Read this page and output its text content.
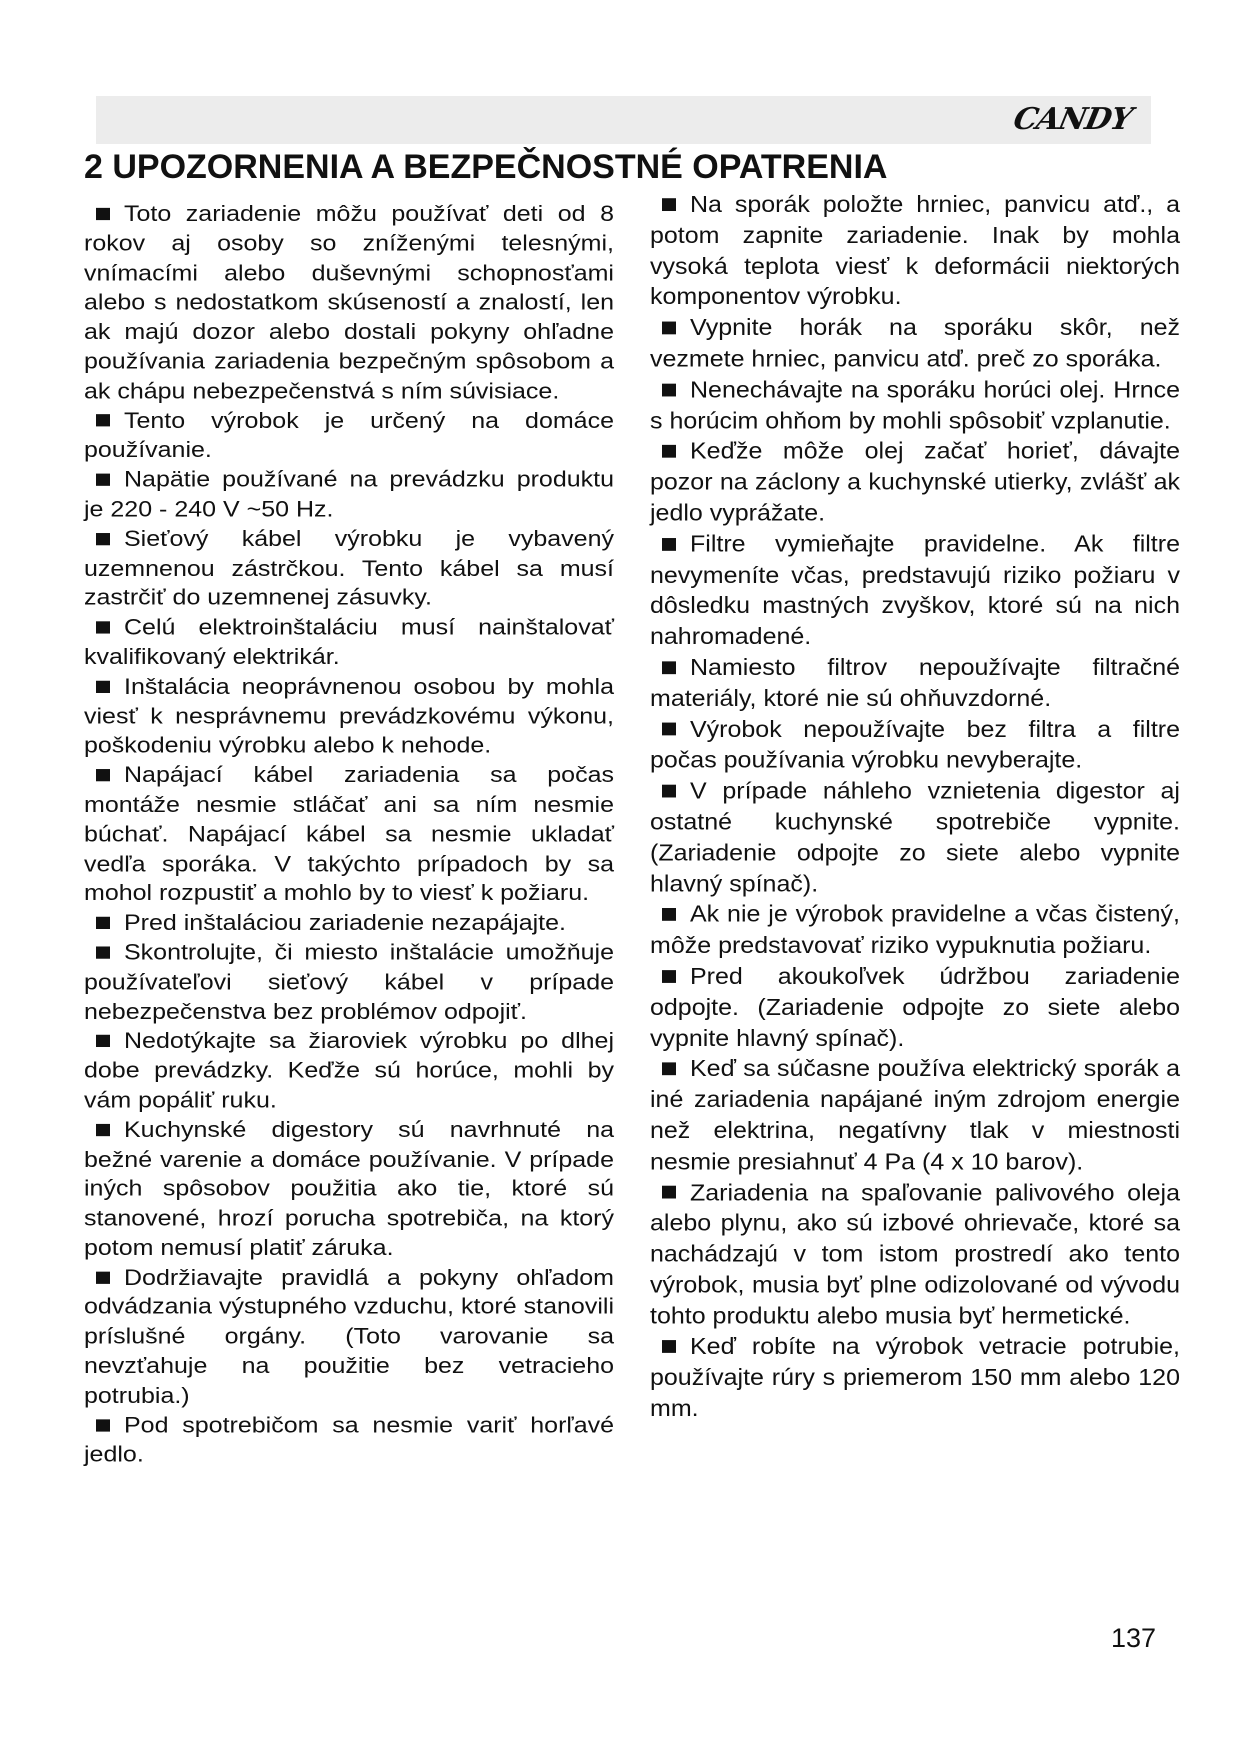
CANDY
2 UPOZORNENIA A BEZPEČNOSTNÉ OPATRENIA

Toto zariadenie môžu používať deti od 8 rokov aj osoby so zníženými telesnými, vnímacími alebo duševnými schopnosťami alebo s nedostatkom skúseností a znalostí, len ak majú dozor alebo dostali pokyny ohľadne používania zariadenia bezpečným spôsobom a ak chápu nebezpečenstvá s ním súvisiace.

Tento výrobok je určený na domáce používanie.

Napätie používané na prevádzku produktu je 220 - 240 V ~50 Hz.

Sieťový kábel výrobku je vybavený uzemnenou zástrčkou. Tento kábel sa musí zastrčiť do uzemnenej zásuvky.

Celú elektroinštaláciu musí nainštalovať kvalifikovaný elektrikár.

Inštalácia neoprávnenou osobou by mohla viesť k nesprávnemu prevádzkovému výkonu, poškodeniu výrobku alebo k nehode.

Napájací kábel zariadenia sa počas montáže nesmie stláčať ani sa ním nesmie búchať. Napájací kábel sa nesmie ukladať vedľa sporáka. V takýchto prípadoch by sa mohol rozpustiť a mohlo by to viesť k požiaru.

Pred inštaláciou zariadenie nezapájajte.

Skontrolujte, či miesto inštalácie umožňuje používateľovi sieťový kábel v prípade nebezpečenstva bez problémov odpojiť.

Nedotýkajte sa žiaroviek výrobku po dlhej dobe prevádzky. Keďže sú horúce, mohli by vám popáliť ruku.

Kuchynské digestory sú navrhnuté na bežné varenie a domáce používanie. V prípade iných spôsobov použitia ako tie, ktoré sú stanovené, hrozí porucha spotrebiča, na ktorý potom nemusí platiť záruka.

Dodržiavajte pravidlá a pokyny ohľadom odvádzania výstupného vzduchu, ktoré stanovili príslušné orgány. (Toto varovanie sa nevzťahuje na použitie bez vetracieho potrubia.)

Pod spotrebičom sa nesmie variť horľavé jedlo.

Na sporák položte hrniec, panvicu atď., a potom zapnite zariadenie. Inak by mohla vysoká teplota viesť k deformácii niektorých komponentov výrobku.

Vypnite horák na sporáku skôr, než vezmete hrniec, panvicu atď. preč zo sporáka.

Nenechávajte na sporáku horúci olej. Hrnce s horúcim ohňom by mohli spôsobiť vzplanutie.

Keďže môže olej začať horieť, dávajte pozor na záclony a kuchynské utierky, zvlášť ak jedlo vyprážate.

Filtre vymieňajte pravidelne. Ak filtre nevymeníte včas, predstavujú riziko požiaru v dôsledku mastných zvyškov, ktoré sú na nich nahromadené.

Namiesto filtrov nepoužívajte filtračné materiály, ktoré nie sú ohňuvzdorné.

Výrobok nepoužívajte bez filtra a filtre počas používania výrobku nevyberajte.

V prípade náhleho vznietenia digestor aj ostatné kuchynské spotrebiče vypnite. (Zariadenie odpojte zo siete alebo vypnite hlavný spínač).

Ak nie je výrobok pravidelne a včas čistený, môže predstavovať riziko vypuknutia požiaru.

Pred akoukoľvek údržbou zariadenie odpojte. (Zariadenie odpojte zo siete alebo vypnite hlavný spínač).

Keď sa súčasne používa elektrický sporák a iné zariadenia napájané iným zdrojom energie než elektrina, negatívny tlak v miestnosti nesmie presiahnuť 4 Pa (4 x 10 barov).

Zariadenia na spaľovanie palivového oleja alebo plynu, ako sú izbové ohrievače, ktoré sa nachádzajú v tom istom prostredí ako tento výrobok, musia byť plne odizolované od vývodu tohto produktu alebo musia byť hermetické.

Keď robíte na výrobok vetracie potrubie, používajte rúry s priemerom 150 mm alebo 120 mm.

137
